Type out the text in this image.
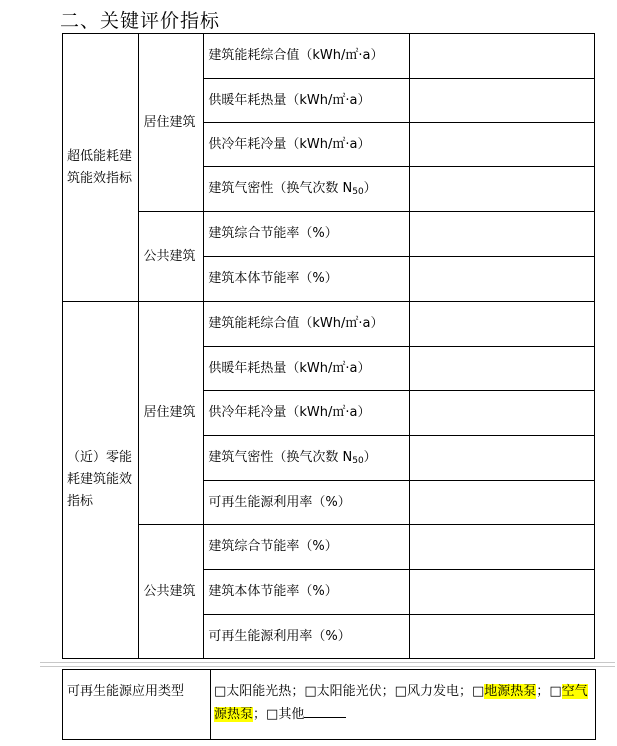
二、关键评价指标
超低能耗建筑能效指标	居住建筑	建筑能耗综合值（kWh/㎡·a）	
		供暖年耗热量（kWh/㎡·a）	
		供冷年耗冷量（kWh/㎡·a）	
		建筑气密性（换气次数 $N_{50}$）	
	公共建筑	建筑综合节能率（%）	
		建筑本体节能率（%）	
（近）零能耗建筑能效指标	居住建筑	建筑能耗综合值（kWh/㎡·a）	
		供暖年耗热量（kWh/㎡·a）	
		供冷年耗冷量（kWh/㎡·a）	
		建筑气密性（换气次数 $N_{50}$）	
		可再生能源利用率（%）	
	公共建筑	建筑综合节能率（%）	
		建筑本体节能率（%）	
		可再生能源利用率（%）	
可再生能源应用类型	□太阳能光热；□太阳能光伏；□风力发电；□地源热泵；□空气源热泵；□其他
